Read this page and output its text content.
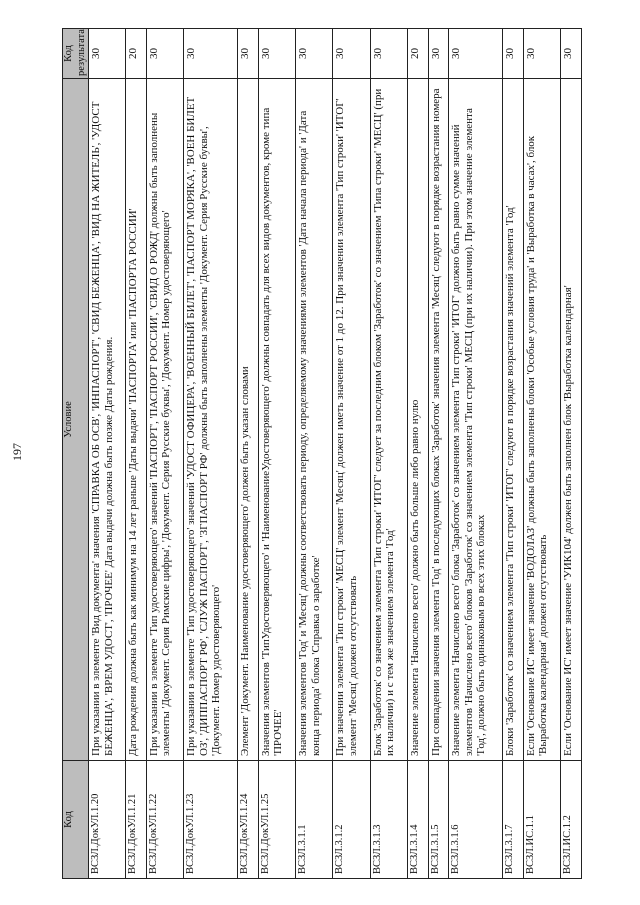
197
Код	Условие	Код результата
ВСЗЛ.ДокУЛ.1.20	При указании в элементе 'Вид документа' значения 'СПРАВКА ОБ ОСВ', 'ИНПАСПОРТ', 'СВИД БЕЖЕНЦА', 'ВИД НА ЖИТЕЛЬ', 'УДОСТ БЕЖЕНЦА', 'ВРЕМ УДОСТ', 'ПРОЧЕЕ' Дата выдачи должна быть позже Даты рождения.	30
ВСЗЛ.ДокУЛ.1.21	Дата рождения должна быть как минимум на 14 лет раньше 'Даты выдачи' 'ПАСПОРТА' или 'ПАСПОРТА РОССИИ'	20
ВСЗЛ.ДокУЛ.1.22	При указании в элементе 'Тип удостоверяющего' значений 'ПАСПОРТ', 'ПАСПОРТ РОССИИ', 'СВИД О РОЖД' должны быть заполнены элементы 'Документ. Серия Римские цифры', 'Документ. Серия Русские буквы', 'Документ. Номер удостоверяющего'	30
ВСЗЛ.ДокУЛ.1.23	При указании в элементе 'Тип удостоверяющего' значений 'УДОСТ ОФИЦЕРА', 'ВОЕННЫЙ БИЛЕТ', 'ПАСПОРТ МОРЯКА', 'ВОЕН БИЛЕТ ОЗ', 'ДИППАСПОРТ РФ', 'СЛУЖ ПАСПОРТ', 'ЗГПАСПОРТ РФ' должны быть заполнены элементы 'Документ. Серия Русские буквы', 'Документ. Номер удостоверяющего'	30
ВСЗЛ.ДокУЛ.1.24	Элемент 'Документ. Наименование удостоверяющего' должен быть указан словами	30
ВСЗЛ.ДокУЛ.1.25	Значения элементов 'ТипУдостоверяющего' и 'НаименованиеУдостоверяющего' должны совпадать для всех видов документов, кроме типа 'ПРОЧЕЕ'	30
ВСЗЛ.3.1.1	Значения элементов 'Год' и 'Месяц' должны соответствовать периоду, определяемому значениями элементов 'Дата начала периода' и 'Дата конца периода' блока 'Справка о заработке'	30
ВСЗЛ.3.1.2	При значении элемента 'Тип строки' 'МЕСЦ' элемент 'Месяц' должен иметь значение от 1 до 12. При значении элемента 'Тип строки' 'ИТОГ' элемент 'Месяц' должен отсутствовать	30
ВСЗЛ.3.1.3	Блок 'Заработок' со значением элемента 'Тип строки' 'ИТОГ' следует за последним блоком 'Заработок' со значением 'Типа строки' 'МЕСЦ' (при их наличии) и с тем же значением элемента 'Год'	30
ВСЗЛ.3.1.4	Значение элемента 'Начислено всего' должно быть больше либо равно нулю	20
ВСЗЛ.3.1.5	При совпадении значения элемента 'Год' в последующих блоках 'Заработок' значения элемента 'Месяц' следуют в порядке возрастания номера	30
ВСЗЛ.3.1.6	Значение элемента 'Начислено всего' блока 'Заработок' со значением элемента 'Тип строки' 'ИТОГ' должно быть равно сумме значений элементов 'Начислено всего' блоков 'Заработок' со значением элемента 'Тип строки' МЕСЦ (при их наличии). При этом значение элемента 'Год', должно быть одинаковым во всех этих блоках	30
ВСЗЛ.3.1.7	Блоки 'Заработок' со значением элемента 'Тип строки' 'ИТОГ' следуют в порядке возрастания значений элемента 'Год'	30
ВСЗЛ.ИС.1.1	Если 'Основание ИС' имеет значение 'ВОДОЛАЗ' должны быть заполнены блоки 'Особые условия труда' и 'Выработка в часах', блок 'Выработка календарная' должен отсутствовать	30
ВСЗЛ.ИС.1.2	Если 'Основание ИС' имеет значение 'УИК104' должен быть заполнен блок 'Выработка календарная'	30
